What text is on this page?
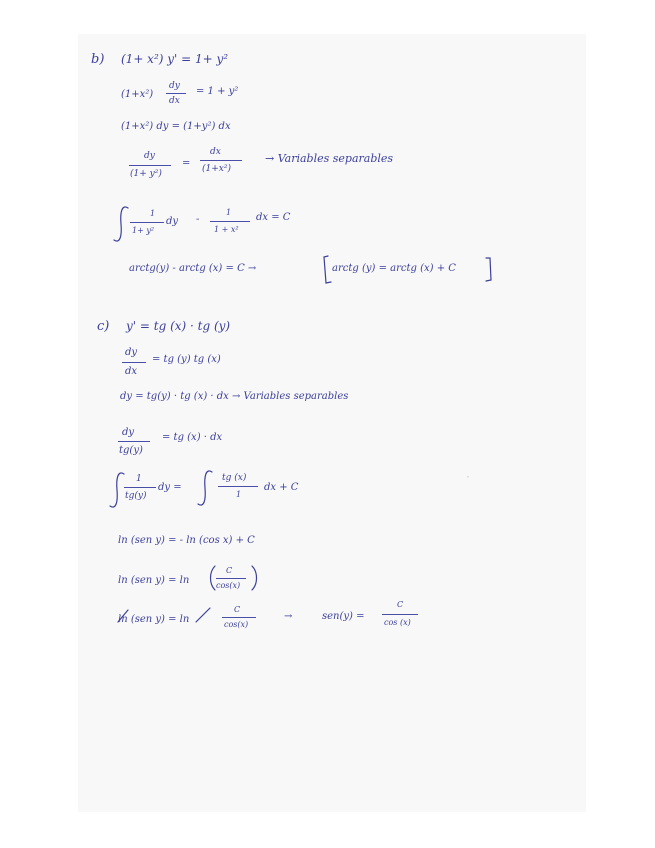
·
b) (1+ x²) y' = 1+ y²
(1+x²)
dy
dx
= 1 + y²
(1+x²) dy = (1+y²) dx
dy
(1+ y²)
=
dx
(1+x²)
→ Variables separables
1
1+ y²
dy -
1
1 + x²
dx = C
arctg(y) - arctg (x) = C →	arctg (y) = arctg (x) + C
c) y' = tg (x) · tg (y)
dy
dx
= tg (y) tg (x)
dy = tg(y) · tg (x) · dx → Variables separables
dy
tg(y)
= tg (x) · dx
1
tg(y)
dy =
tg (x)
1
dx + C
ln (sen y) = - ln (cos x) + C
ln (sen y) = ln
C
cos(x)
ln (sen y) = ln
C
cos(x)
→	sen(y) =
C
cos (x)
